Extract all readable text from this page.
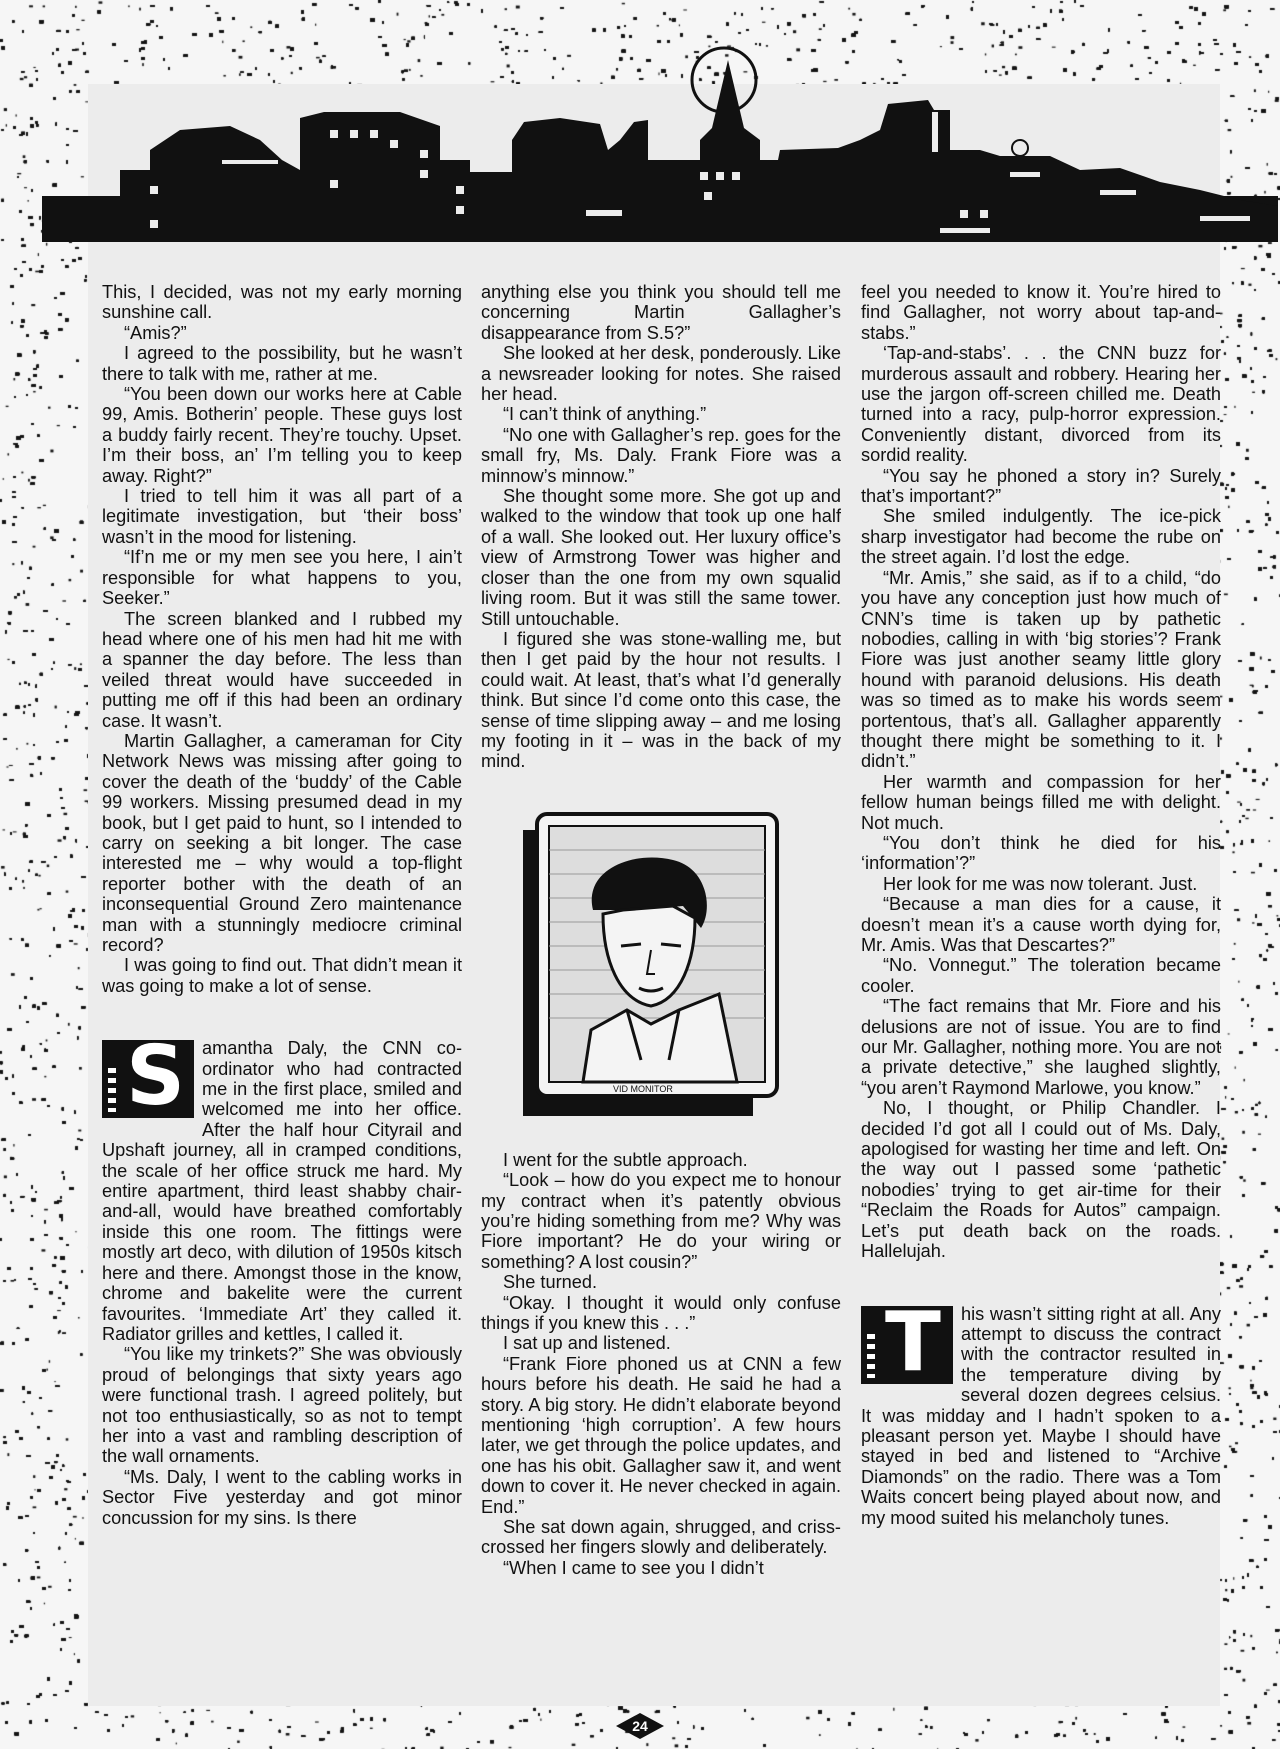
This, I decided, was not my early morning sunshine call.

“Amis?”

I agreed to the possibility, but he wasn’t there to talk with me, rather at me.

“You been down our works here at Cable 99, Amis. Botherin’ people. These guys lost a buddy fairly recent. They’re touchy. Upset. I’m their boss, an’ I’m telling you to keep away. Right?”

I tried to tell him it was all part of a legitimate investigation, but ‘their boss’ wasn’t in the mood for listening.

“If’n me or my men see you here, I ain’t responsible for what happens to you, Seeker.”

The screen blanked and I rubbed my head where one of his men had hit me with a spanner the day before. The less than veiled threat would have succeeded in putting me off if this had been an ordinary case. It wasn’t.

Martin Gallagher, a cameraman for City Network News was missing after going to cover the death of the ‘buddy’ of the Cable 99 workers. Missing presumed dead in my book, but I get paid to hunt, so I intended to carry on seeking a bit longer. The case interested me – why would a top-flight reporter bother with the death of an inconsequential Ground Zero maintenance man with a stunningly mediocre criminal record?

I was going to find out. That didn’t mean it was going to make a lot of sense.

S amantha Daly, the CNN co-ordinator who had contracted me in the first place, smiled and welcomed me into her office. After the half hour Cityrail and Upshaft journey, all in cramped conditions, the scale of her office struck me hard. My entire apartment, third least shabby chair-and-all, would have breathed comfortably inside this one room. The fittings were mostly art deco, with dilution of 1950s kitsch here and there. Amongst those in the know, chrome and bakelite were the current favourites. ‘Immediate Art’ they called it. Radiator grilles and kettles, I called it.

“You like my trinkets?” She was obviously proud of belongings that sixty years ago were functional trash. I agreed politely, but not too enthusiastically, so as not to tempt her into a vast and rambling description of the wall ornaments.

“Ms. Daly, I went to the cabling works in Sector Five yesterday and got minor concussion for my sins. Is there

anything else you think you should tell me concerning Martin Gallagher’s disappearance from S.5?”

She looked at her desk, ponderously. Like a newsreader looking for notes. She raised her head.

“I can’t think of anything.”

“No one with Gallagher’s rep. goes for the small fry, Ms. Daly. Frank Fiore was a minnow’s minnow.”

She thought some more. She got up and walked to the window that took up one half of a wall. She looked out. Her luxury office’s view of Armstrong Tower was higher and closer than the one from my own squalid living room. But it was still the same tower. Still untouchable.

I figured she was stone-walling me, but then I get paid by the hour not results. I could wait. At least, that’s what I’d generally think. But since I’d come onto this case, the sense of time slipping away – and me losing my footing in it – was in the back of my mind.

VID MONITOR

I went for the subtle approach.

“Look – how do you expect me to honour my contract when it’s patently obvious you’re hiding something from me? Why was Fiore important? He do your wiring or something? A lost cousin?”

She turned.

“Okay. I thought it would only confuse things if you knew this . . .”

I sat up and listened.

“Frank Fiore phoned us at CNN a few hours before his death. He said he had a story. A big story. He didn’t elaborate beyond mentioning ‘high corruption’. A few hours later, we get through the police updates, and one has his obit. Gallagher saw it, and went down to cover it. He never checked in again. End.”

She sat down again, shrugged, and criss-crossed her fingers slowly and deliberately.

“When I came to see you I didn’t

feel you needed to know it. You’re hired to find Gallagher, not worry about tap-and-stabs.”

‘Tap-and-stabs’. . . the CNN buzz for murderous assault and robbery. Hearing her use the jargon off-screen chilled me. Death turned into a racy, pulp-horror expression. Conveniently distant, divorced from its sordid reality.

“You say he phoned a story in? Surely that’s important?”

She smiled indulgently. The ice-pick sharp investigator had become the rube on the street again. I’d lost the edge.

“Mr. Amis,” she said, as if to a child, “do you have any conception just how much of CNN’s time is taken up by pathetic nobodies, calling in with ‘big stories’? Frank Fiore was just another seamy little glory hound with paranoid delusions. His death was so timed as to make his words seem portentous, that’s all. Gallagher apparently thought there might be something to it. I didn’t.”

Her warmth and compassion for her fellow human beings filled me with delight. Not much.

“You don’t think he died for his ‘information’?”

Her look for me was now tolerant. Just.

“Because a man dies for a cause, it doesn’t mean it’s a cause worth dying for, Mr. Amis. Was that Descartes?”

“No. Vonnegut.” The toleration became cooler.

“The fact remains that Mr. Fiore and his delusions are not of issue. You are to find our Mr. Gallagher, nothing more. You are not a private detective,” she laughed slightly, “you aren’t Raymond Marlowe, you know.”

No, I thought, or Philip Chandler. I decided I’d got all I could out of Ms. Daly, apologised for wasting her time and left. On the way out I passed some ‘pathetic nobodies’ trying to get air-time for their “Reclaim the Roads for Autos” campaign. Let’s put death back on the roads. Hallelujah.

T	his wasn’t sitting right at all. Any attempt to discuss the contract with the contractor resulted in the temperature diving by several dozen degrees celsius. It was midday and I hadn’t spoken to a pleasant person yet. Maybe I should have stayed in bed and listened to “Archive Diamonds” on the radio. There was a Tom Waits concert being played about now, and my mood suited his melancholy tunes.

24
